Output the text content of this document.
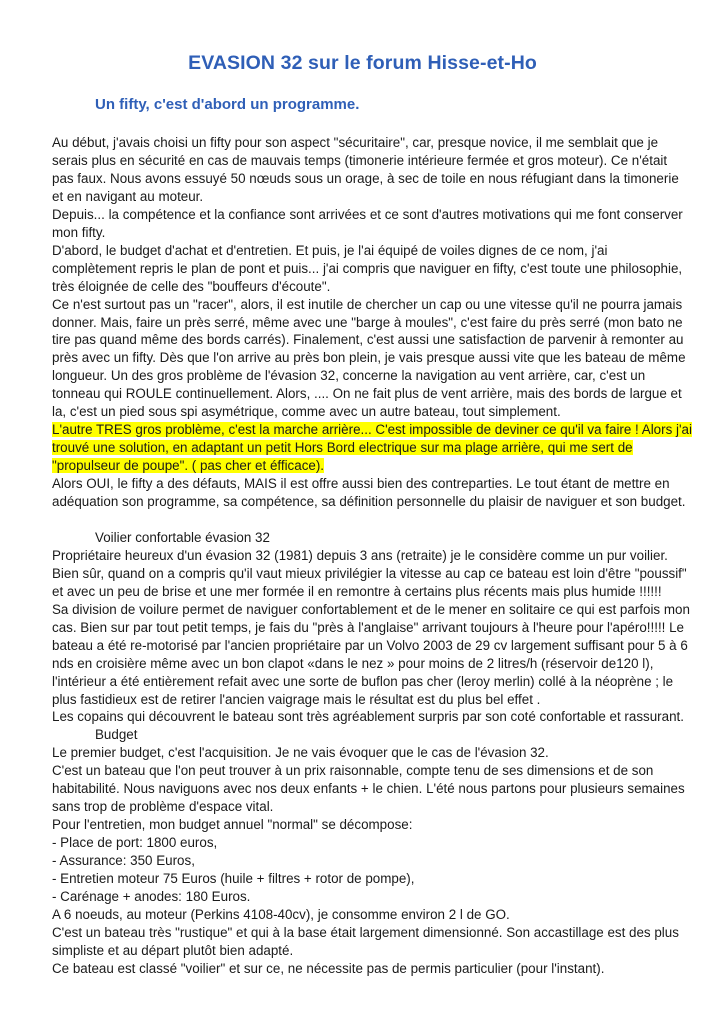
EVASION 32 sur le forum Hisse-et-Ho
Un fifty, c'est d'abord un programme.

Au début, j'avais choisi un fifty pour son aspect "sécuritaire", car, presque novice, il me semblait que je serais plus en sécurité en cas de mauvais temps (timonerie intérieure fermée et gros moteur). Ce n'était pas faux. Nous avons essuyé 50 nœuds sous un orage, à sec de toile en nous réfugiant dans la timonerie et en navigant au moteur.

Depuis... la compétence et la confiance sont arrivées et ce sont d'autres motivations qui me font conserver mon fifty.

D'abord, le budget d'achat et d'entretien. Et puis, je l'ai équipé de voiles dignes de ce nom, j'ai complètement repris le plan de pont et puis... j'ai compris que naviguer en fifty, c'est toute une philosophie, très éloignée de celle des "bouffeurs d'écoute".

Ce n'est surtout pas un "racer", alors, il est inutile de chercher un cap ou une vitesse qu'il ne pourra jamais donner. Mais, faire un près serré, même avec une "barge à moules", c'est faire du près serré (mon bato ne tire pas quand même des bords carrés). Finalement, c'est aussi une satisfaction de parvenir à remonter au près avec un fifty. Dès que l'on arrive au près bon plein, je vais presque aussi vite que les bateau de même longueur. Un des gros problème de l'évasion 32, concerne la navigation au vent arrière, car, c'est un tonneau qui ROULE continuellement. Alors, .... On ne fait plus de vent arrière, mais des bords de largue et la, c'est un pied sous spi asymétrique, comme avec un autre bateau, tout simplement.

L'autre TRES gros problème, c'est la marche arrière... C'est impossible de deviner ce qu'il va faire ! Alors j'ai trouvé une solution, en adaptant un petit Hors Bord electrique sur ma plage arrière, qui me sert de "propulseur de poupe". ( pas cher et éfficace).

Alors OUI, le fifty a des défauts, MAIS il est offre aussi bien des contreparties. Le tout étant de mettre en adéquation son programme, sa compétence, sa définition personnelle du plaisir de naviguer et son budget.

Voilier confortable évasion 32

Propriétaire heureux d'un évasion 32 (1981) depuis 3 ans (retraite) je le considère comme un pur voilier. Bien sûr, quand on a compris qu'il vaut mieux privilégier la vitesse au cap ce bateau est loin d'être "poussif" et avec un peu de brise et une mer formée il en remontre à certains plus récents mais plus humide !!!!!!

Sa division de voilure permet de naviguer confortablement et de le mener en solitaire ce qui est parfois mon cas. Bien sur par tout petit temps, je fais du "près à l'anglaise" arrivant toujours à l'heure pour l'apéro!!!!! Le bateau a été re-motorisé par l'ancien propriétaire par un Volvo 2003 de 29 cv largement suffisant pour 5 à 6 nds en croisière même avec un bon clapot «dans le nez » pour moins de 2 litres/h (réservoir de120 l), l'intérieur a été entièrement refait avec une sorte de buflon pas cher (leroy merlin) collé à la néoprène ; le plus fastidieux est de retirer l'ancien vaigrage mais le résultat est du plus bel effet .

Les copains qui découvrent le bateau sont très agréablement surpris par son coté confortable et rassurant.

Budget

Le premier budget, c'est l'acquisition. Je ne vais évoquer que le cas de l'évasion 32.

C'est un bateau que l'on peut trouver à un prix raisonnable, compte tenu de ses dimensions et de son habitabilité. Nous naviguons avec nos deux enfants + le chien. L'été nous partons pour plusieurs semaines sans trop de problème d'espace vital.

Pour l'entretien, mon budget annuel "normal" se décompose:

- Place de port: 1800 euros,

- Assurance: 350 Euros,

- Entretien moteur 75 Euros (huile + filtres + rotor de pompe),

- Carénage + anodes: 180 Euros.

A 6 noeuds, au moteur (Perkins 4108-40cv), je consomme environ 2 l de GO.

C'est un bateau très "rustique" et qui à la base était largement dimensionné. Son accastillage est des plus simpliste et au départ plutôt bien adapté.

Ce bateau est classé "voilier" et sur ce, ne nécessite pas de permis particulier (pour l'instant).
